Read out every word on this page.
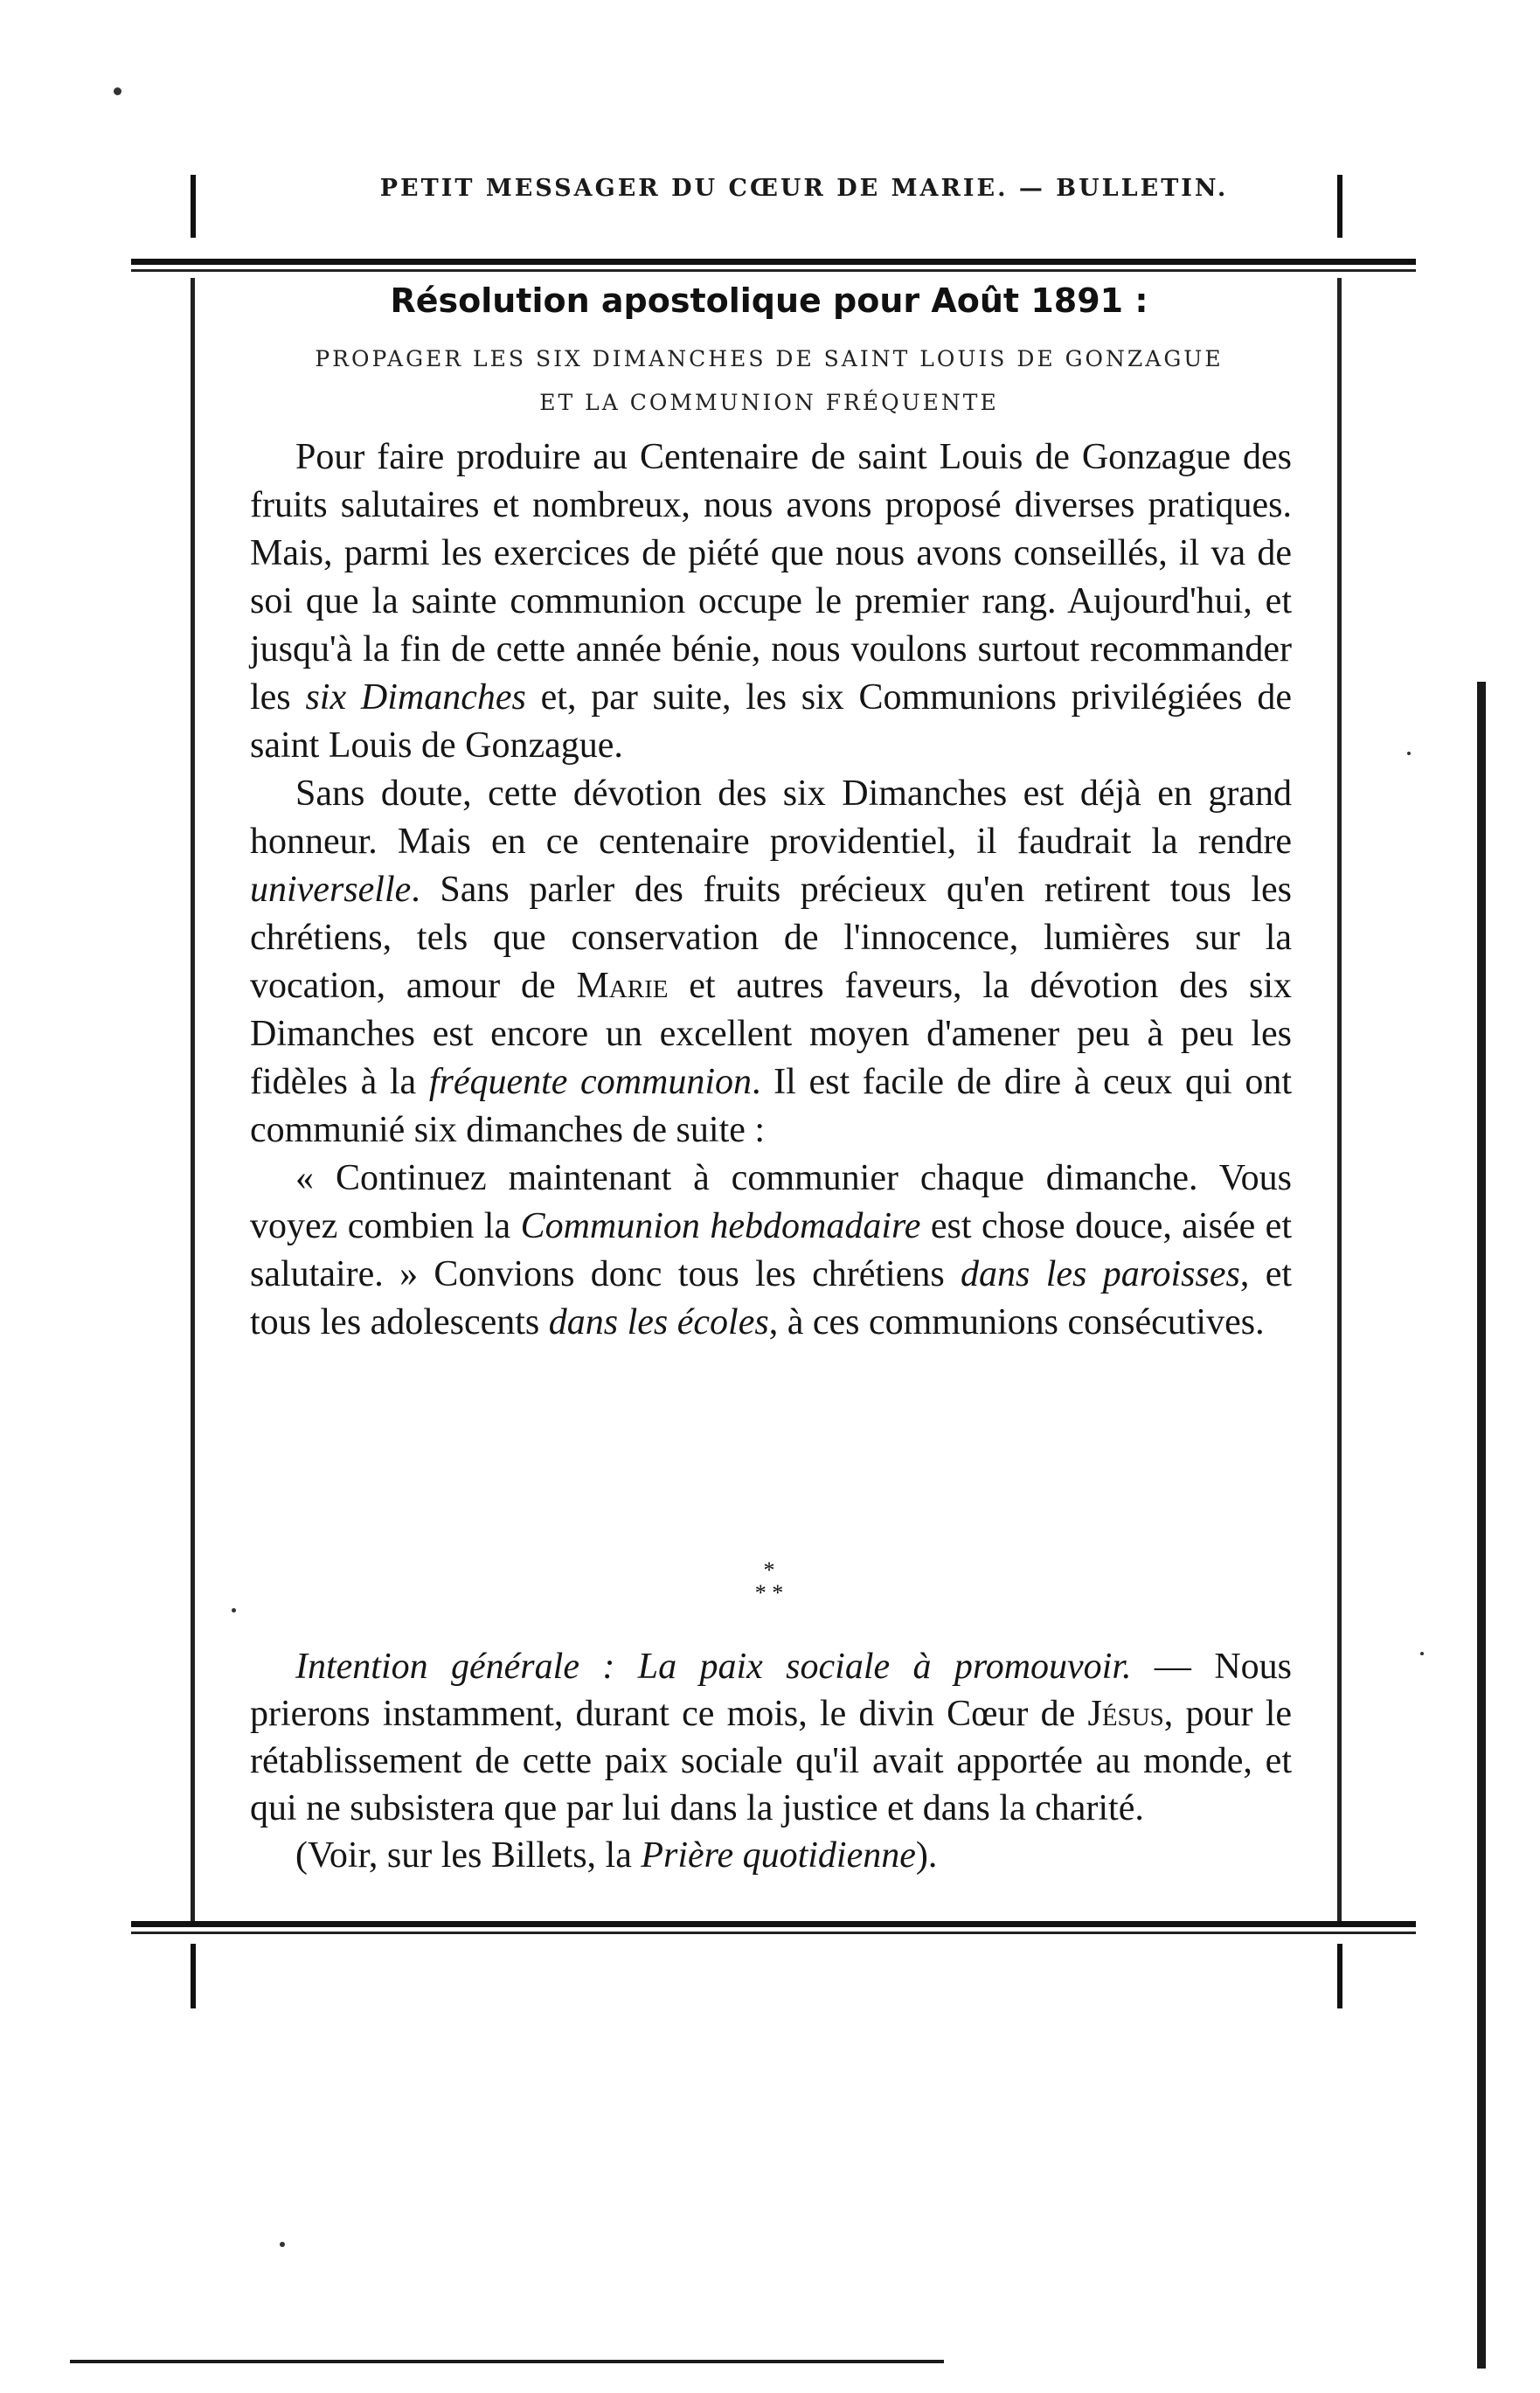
PETIT MESSAGER DU CŒUR DE MARIE. — BULLETIN.
Résolution apostolique pour Août 1891 :
PROPAGER LES SIX DIMANCHES DE SAINT LOUIS DE GONZAGUE
ET LA COMMUNION FRÉQUENTE

Pour faire produire au Centenaire de saint Louis de Gonzague des fruits salutaires et nombreux, nous avons proposé diverses pratiques. Mais, parmi les exercices de piété que nous avons conseillés, il va de soi que la sainte communion occupe le premier rang. Aujourd'hui, et jusqu'à la fin de cette année bénie, nous voulons surtout recommander les six Dimanches et, par suite, les six Communions privilégiées de saint Louis de Gonzague.

Sans doute, cette dévotion des six Dimanches est déjà en grand honneur. Mais en ce centenaire providentiel, il faudrait la rendre universelle. Sans parler des fruits précieux qu'en retirent tous les chrétiens, tels que conservation de l'innocence, lumières sur la vocation, amour de Marie et autres faveurs, la dévotion des six Dimanches est encore un excellent moyen d'amener peu à peu les fidèles à la fréquente communion. Il est facile de dire à ceux qui ont communié six dimanches de suite :

« Continuez maintenant à communier chaque dimanche. Vous voyez combien la Communion hebdomadaire est chose douce, aisée et salutaire. » Convions donc tous les chrétiens dans les paroisses, et tous les adolescents dans les écoles, à ces communions consécutives.

*
* *

Intention générale : La paix sociale à promouvoir. — Nous prierons instamment, durant ce mois, le divin Cœur de Jésus, pour le rétablissement de cette paix sociale qu'il avait apportée au monde, et qui ne subsistera que par lui dans la justice et dans la charité.

(Voir, sur les Billets, la Prière quotidienne).
